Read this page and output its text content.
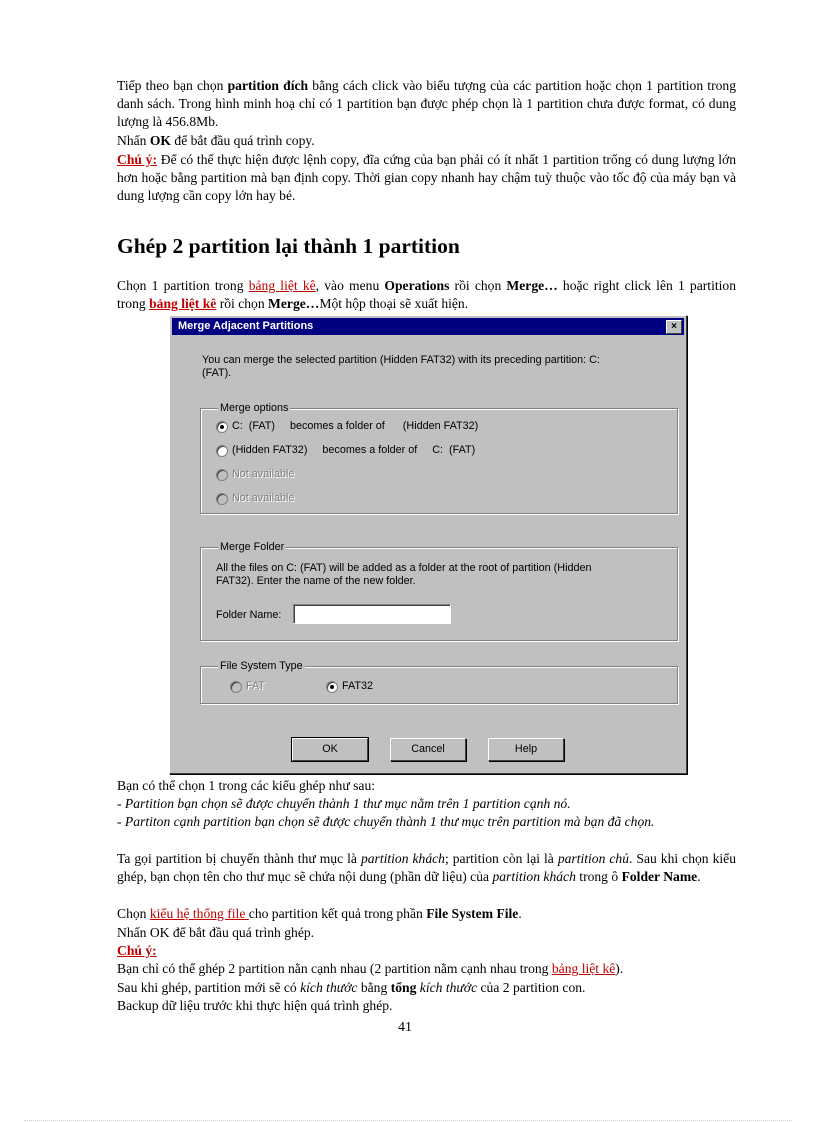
Tiếp theo bạn chọn partition đích bằng cách click vào biểu tượng của các partition hoặc chọn 1 partition trong danh sách. Trong hình minh hoạ chỉ có 1 partition bạn được phép chọn là 1 partition chưa được format, có dung lượng là 456.8Mb.

Nhấn OK để bắt đầu quá trình copy.

Chú ý: Để có thể thực hiện được lệnh copy, đĩa cứng của bạn phải có ít nhất 1 partition trống có dung lượng lớn hơn hoặc bằng partition mà bạn định copy. Thời gian copy nhanh hay chậm tuỳ thuộc vào tốc độ của máy bạn và dung lượng cần copy lớn hay bé.

Ghép 2 partition lại thành 1 partition

Chọn 1 partition trong bảng liệt kê, vào menu Operations rồi chọn Merge… hoặc right click lên 1 partition trong bảng liệt kê rồi chọn Merge…Một hộp thoại sẽ xuất hiện.

Merge Adjacent Partitions	×
You can merge the selected partition (Hidden FAT32) with its preceding partition: C:
(FAT).
Merge options
C:  (FAT)     becomes a folder of      (Hidden FAT32)
(Hidden FAT32)     becomes a folder of     C:  (FAT)
Not available
Not available
Merge Folder
All the files on C: (FAT) will be added as a folder at the root of partition (Hidden
FAT32). Enter the name of the new folder.
Folder Name:
File System Type
FAT	FAT32
OK	Cancel	Help

Bạn có thể chọn 1 trong các kiểu ghép như sau:

- Partition bạn chọn sẽ được chuyển thành 1 thư mục nằm trên 1 partition cạnh nó.

- Partiton cạnh partition bạn chọn sẽ được chuyển thành 1 thư mục trên partition mà bạn đã chọn.

Ta gọi partition bị chuyển thành thư mục là partition khách; partition còn lại là partition chủ. Sau khi chọn kiểu ghép, bạn chọn tên cho thư mục sẽ chứa nội dung (phần dữ liệu) của partition khách trong ô Folder Name.

Chọn kiểu hệ thống file cho partition kết quả trong phần File System File.

Nhấn OK để bắt đầu quá trình ghép.

Chú ý:

Bạn chỉ có thể ghép 2 partition nằn cạnh nhau (2 partition nằm cạnh nhau trong bảng liệt kê).

Sau khi ghép, partition mới sẽ có kích thước bằng tổng kích thước của 2 partition con.

Backup dữ liệu trước khi thực hiện quá trình ghép.

41
